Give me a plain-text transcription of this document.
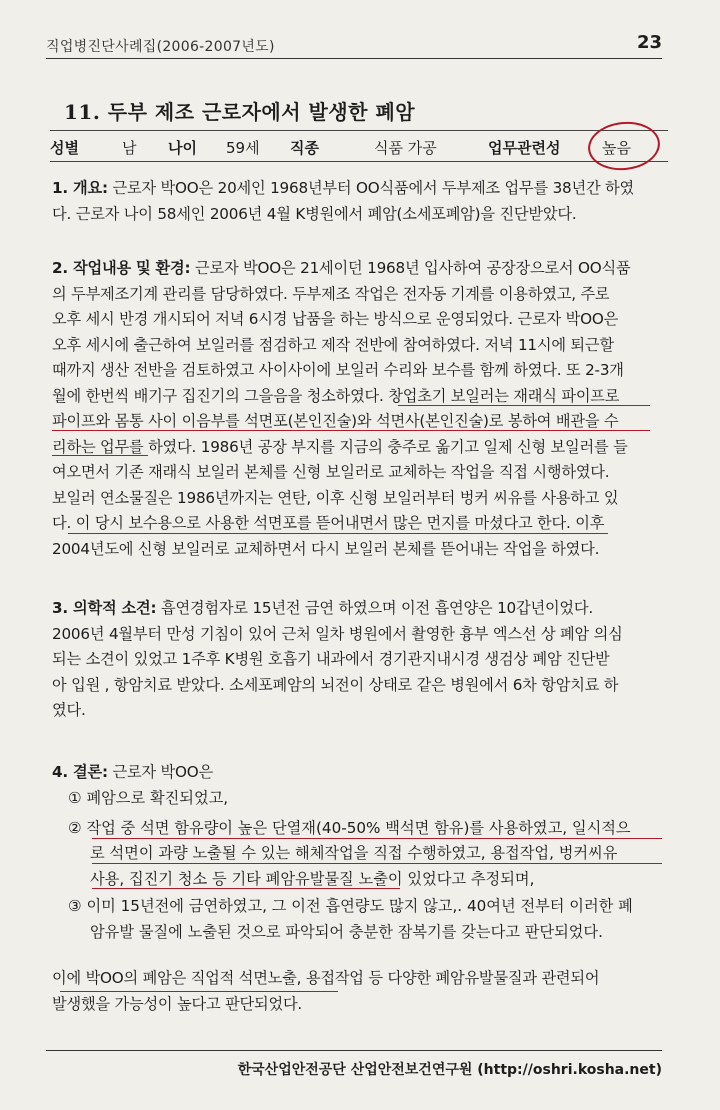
직업병진단사례집(2006-2007년도)	23
11. 두부 제조 근로자에서 발생한 폐암
성별	남 나이 59세 직종	식품 가공	업무관련성	높음
1. 개요: 근로자 박OO은 20세인 1968년부터 OO식품에서 두부제조 업무를 38년간 하였
다. 근로자 나이 58세인 2006년 4월 K병원에서 폐암(소세포폐암)을 진단받았다.
2. 작업내용 및 환경: 근로자 박OO은 21세이던 1968년 입사하여 공장장으로서 OO식품
의 두부제조기계 관리를 담당하였다. 두부제조 작업은 전자동 기계를 이용하였고, 주로
오후 세시 반경 개시되어 저녁 6시경 납품을 하는 방식으로 운영되었다. 근로자 박OO은
오후 세시에 출근하여 보일러를 점검하고 제작 전반에 참여하였다. 저녁 11시에 퇴근할
때까지 생산 전반을 검토하였고 사이사이에 보일러 수리와 보수를 함께 하였다. 또 2-3개
월에 한번씩 배기구 집진기의 그을음을 청소하였다. 창업초기 보일러는 재래식 파이프로
파이프와 몸통 사이 이음부를 석면포(본인진술)와 석면사(본인진술)로 봉하여 배관을 수
리하는 업무를 하였다. 1986년 공장 부지를 지금의 충주로 옮기고 일제 신형 보일러를 들
여오면서 기존 재래식 보일러 본체를 신형 보일러로 교체하는 작업을 직접 시행하였다.
보일러 연소물질은 1986년까지는 연탄, 이후 신형 보일러부터 벙커 씨유를 사용하고 있
다. 이 당시 보수용으로 사용한 석면포를 뜯어내면서 많은 먼지를 마셨다고 한다. 이후
2004년도에 신형 보일러로 교체하면서 다시 보일러 본체를 뜯어내는 작업을 하였다.
3. 의학적 소견: 흡연경험자로 15년전 금연 하였으며 이전 흡연양은 10갑년이었다.
2006년 4월부터 만성 기침이 있어 근처 일차 병원에서 촬영한 흉부 엑스선 상 폐암 의심
되는 소견이 있었고 1주후 K병원 호흡기 내과에서 경기관지내시경 생검상 폐암 진단받
아 입원 , 항암치료 받았다. 소세포폐암의 뇌전이 상태로 같은 병원에서 6차 항암치료 하
였다.
4. 결론: 근로자 박OO은
① 폐암으로 확진되었고,
② 작업 중 석면 함유량이 높은 단열재(40-50% 백석면 함유)를 사용하였고, 일시적으
로 석면이 과량 노출될 수 있는 해체작업을 직접 수행하였고, 용접작업, 벙커씨유
사용, 집진기 청소 등 기타 폐암유발물질 노출이 있었다고 추정되며,
③ 이미 15년전에 금연하였고, 그 이전 흡연량도 많지 않고,. 40여년 전부터 이러한 폐
암유발 물질에 노출된 것으로 파악되어 충분한 잠복기를 갖는다고 판단되었다.
이에 박OO의 폐암은 직업적 석면노출, 용접작업 등 다양한 폐암유발물질과 관련되어
발생했을 가능성이 높다고 판단되었다.
한국산업안전공단 산업안전보건연구원 (http://oshri.kosha.net)
